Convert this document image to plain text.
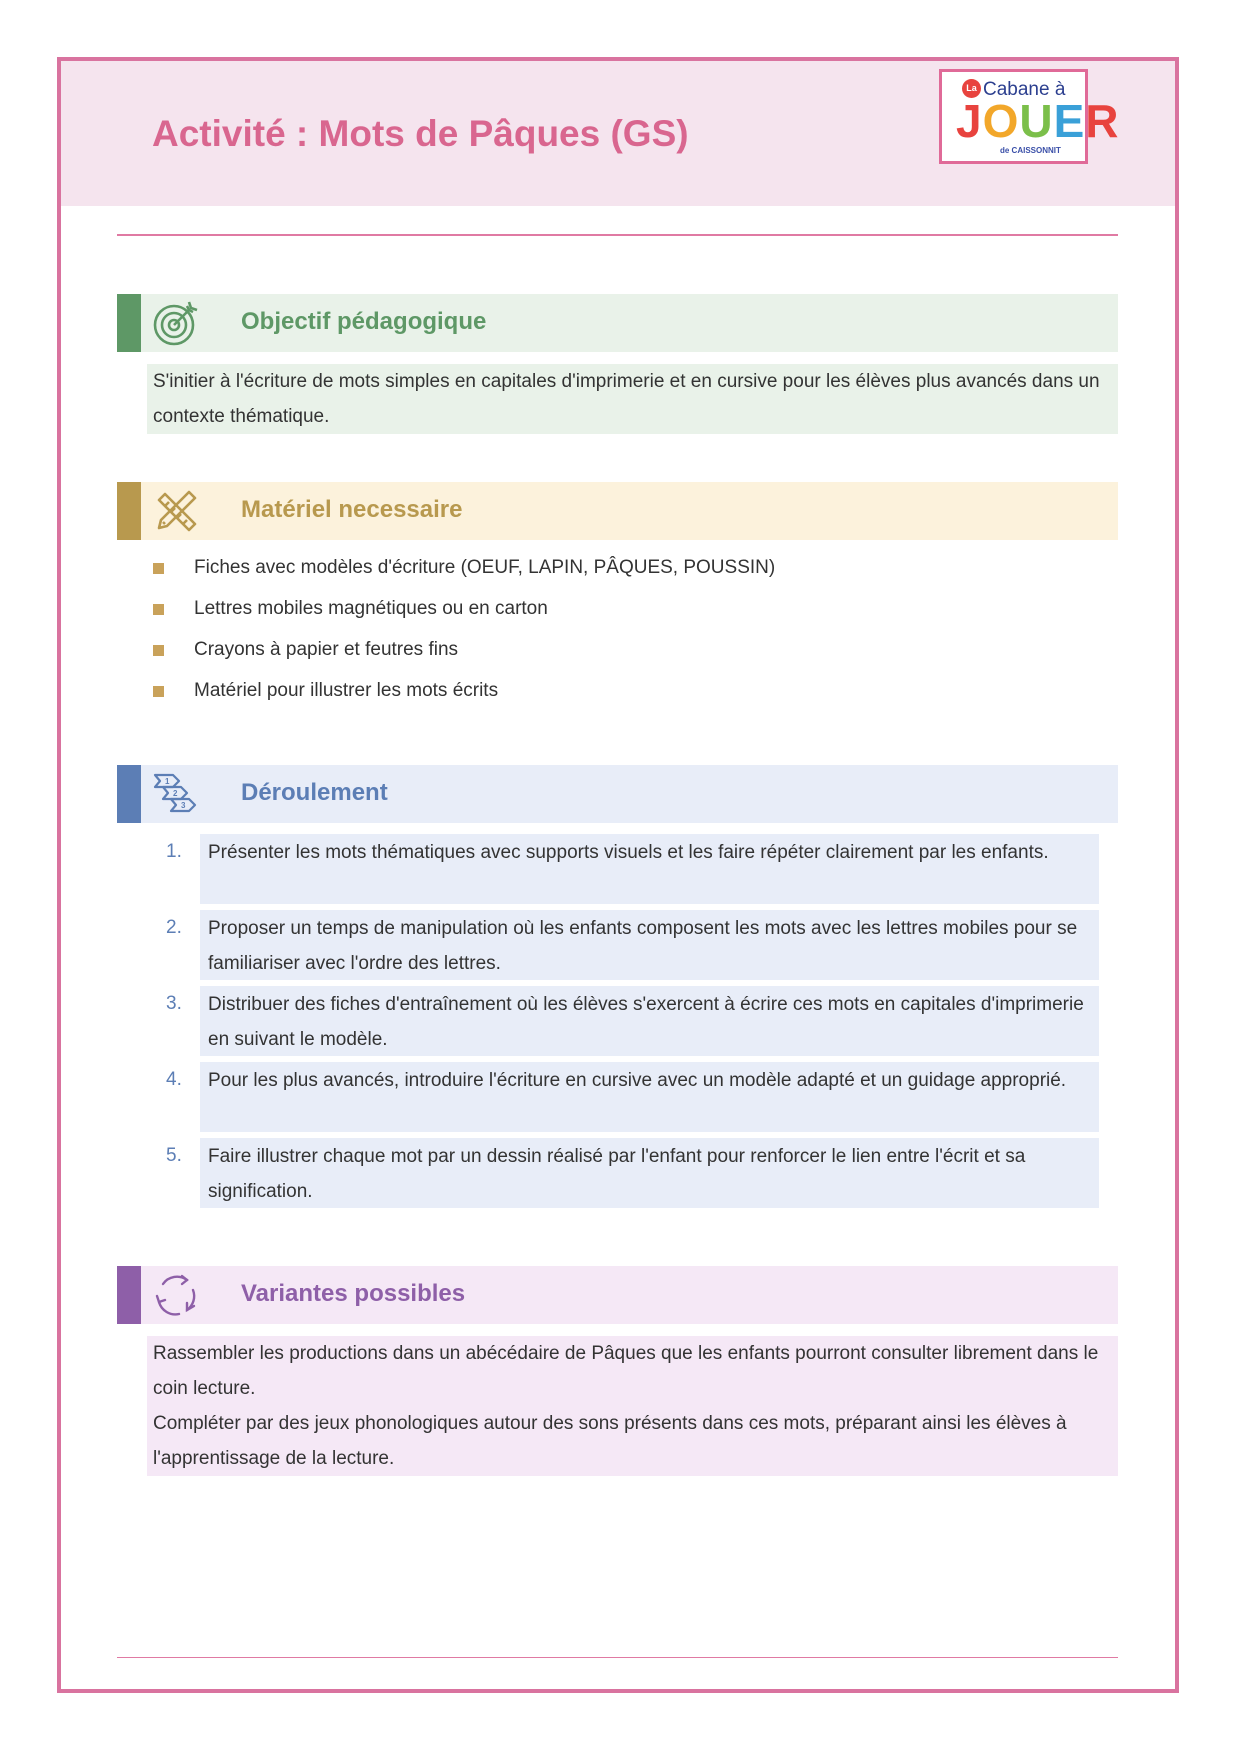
Activité : Mots de Pâques (GS)
La Cabane à
JOUER
de CAISSONNIT
Objectif pédagogique

S'initier à l'écriture de mots simples en capitales d'imprimerie et en cursive pour les élèves plus avancés dans un contexte thématique.

Matériel necessaire
Fiches avec modèles d'écriture (OEUF, LAPIN, PÂQUES, POUSSIN)
Lettres mobiles magnétiques ou en carton
Crayons à papier et feutres fins
Matériel pour illustrer les mots écrits
1
2
3 Déroulement
1.	Présenter les mots thématiques avec supports visuels et les faire répéter clairement par les enfants.
2.	Proposer un temps de manipulation où les enfants composent les mots avec les lettres mobiles pour se familiariser avec l'ordre des lettres.
3.	Distribuer des fiches d'entraînement où les élèves s'exercent à écrire ces mots en capitales d'imprimerie en suivant le modèle.
4.	Pour les plus avancés, introduire l'écriture en cursive avec un modèle adapté et un guidage approprié.
5.	Faire illustrer chaque mot par un dessin réalisé par l'enfant pour renforcer le lien entre l'écrit et sa signification.
Variantes possibles

Rassembler les productions dans un abécédaire de Pâques que les enfants pourront consulter librement dans le coin lecture.

Compléter par des jeux phonologiques autour des sons présents dans ces mots, préparant ainsi les élèves à l'apprentissage de la lecture.
